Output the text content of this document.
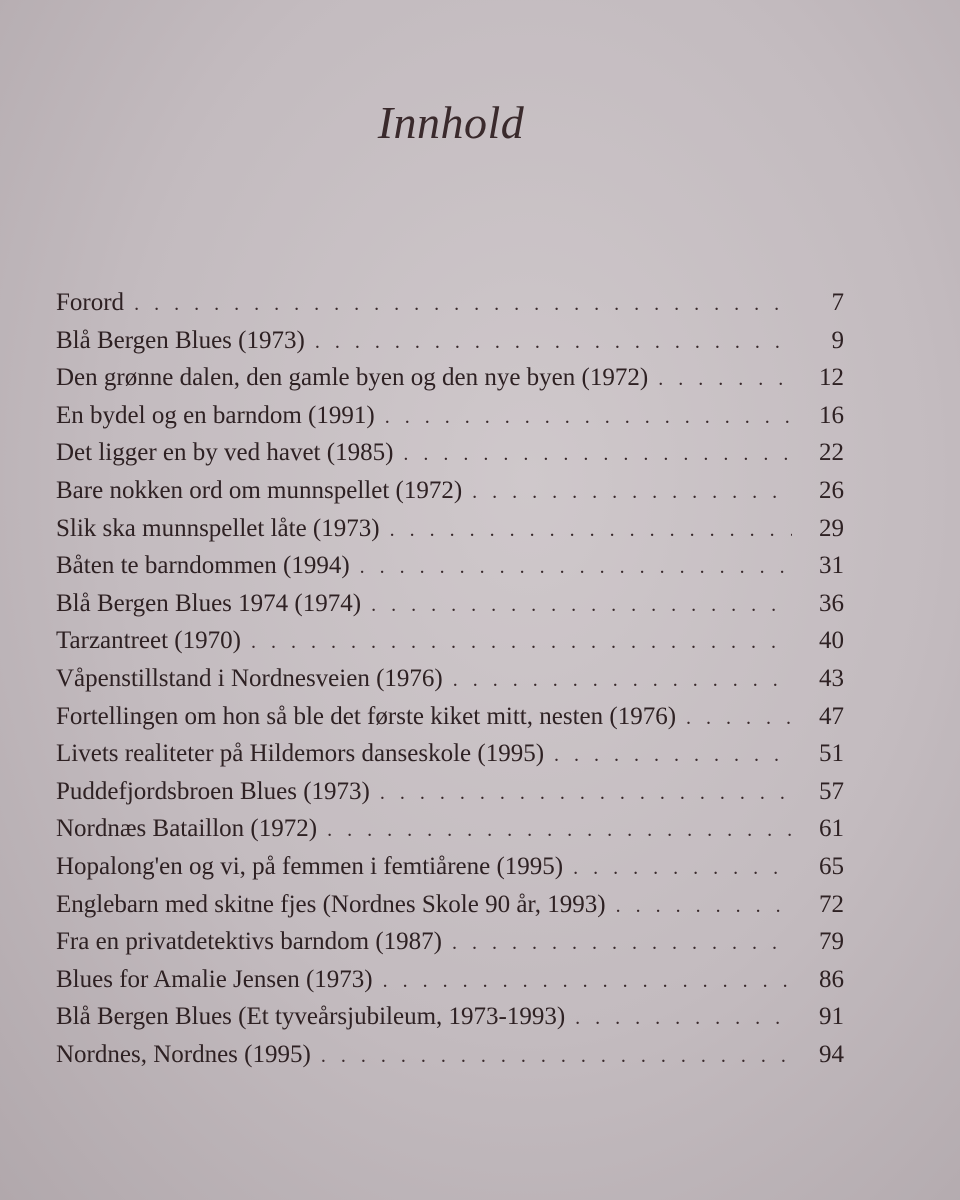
Innhold
Forord . . .	7
Blå Bergen Blues (1973) . . .	9
Den grønne dalen, den gamle byen og den nye byen (1972) . . .	12
En bydel og en barndom (1991) . . .	16
Det ligger en by ved havet (1985) . . .	22
Bare nokken ord om munnspellet (1972) . . .	26
Slik ska munnspellet låte (1973) . . .	29
Båten te barndommen (1994) . . .	31
Blå Bergen Blues 1974 (1974) . . .	36
Tarzantreet (1970) . . .	40
Våpenstillstand i Nordnesveien (1976) . . .	43
Fortellingen om hon så ble det første kiket mitt, nesten (1976) . . .	47
Livets realiteter på Hildemors danseskole (1995) . . .	51
Puddefjordsbroen Blues (1973) . . .	57
Nordnæs Bataillon (1972) . . .	61
Hopalong'en og vi, på femmen i femtiårene (1995) . . .	65
Englebarn med skitne fjes (Nordnes Skole 90 år, 1993) . . .	72
Fra en privatdetektivs barndom (1987) . . .	79
Blues for Amalie Jensen (1973) . . .	86
Blå Bergen Blues (Et tyveårsjubileum, 1973-1993) . . .	91
Nordnes, Nordnes (1995) . . .	94
